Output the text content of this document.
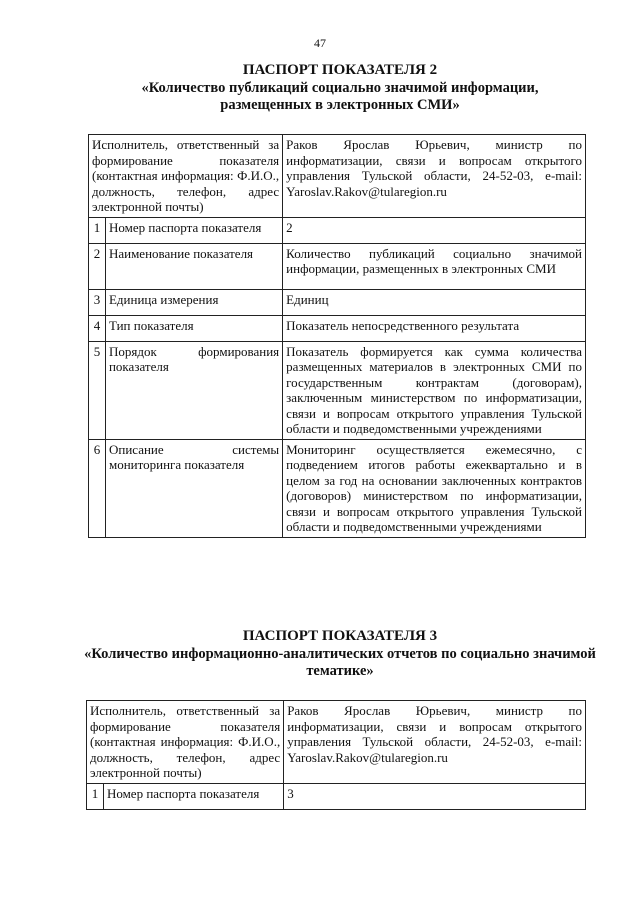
47
ПАСПОРТ ПОКАЗАТЕЛЯ 2
«Количество публикаций социально значимой информации, размещенных в электронных СМИ»
Исполнитель, ответственный за формирование показателя (контактная информация: Ф.И.О., должность, телефон, адрес электронной почты)		Раков Ярослав Юрьевич, министр по информатизации, связи и вопросам открытого управления Тульской области, 24-52-03, e-mail: Yaroslav.Rakov@tularegion.ru
1	Номер паспорта показателя	2
2	Наименование показателя	Количество публикаций социально значимой информации, размещенных в электронных СМИ
3	Единица измерения	Единиц
4	Тип показателя	Показатель непосредственного результата
5	Порядок формирования показателя	Показатель формируется как сумма количества размещенных материалов в электронных СМИ по государственным контрактам (договорам), заключенным министерством по информатизации, связи и вопросам открытого управления Тульской области и подведомственными учреждениями
6	Описание системы мониторинга показателя	Мониторинг осуществляется ежемесячно, с подведением итогов работы ежеквартально и в целом за год на основании заключенных контрактов (договоров) министерством по информатизации, связи и вопросам открытого управления Тульской области и подведомственными учреждениями
ПАСПОРТ ПОКАЗАТЕЛЯ 3
«Количество информационно-аналитических отчетов по социально значимой тематике»
Исполнитель, ответственный за формирование показателя (контактная информация: Ф.И.О., должность, телефон, адрес электронной почты)		Раков Ярослав Юрьевич, министр по информатизации, связи и вопросам открытого управления Тульской области, 24-52-03, e-mail: Yaroslav.Rakov@tularegion.ru
1	Номер паспорта показателя	3
